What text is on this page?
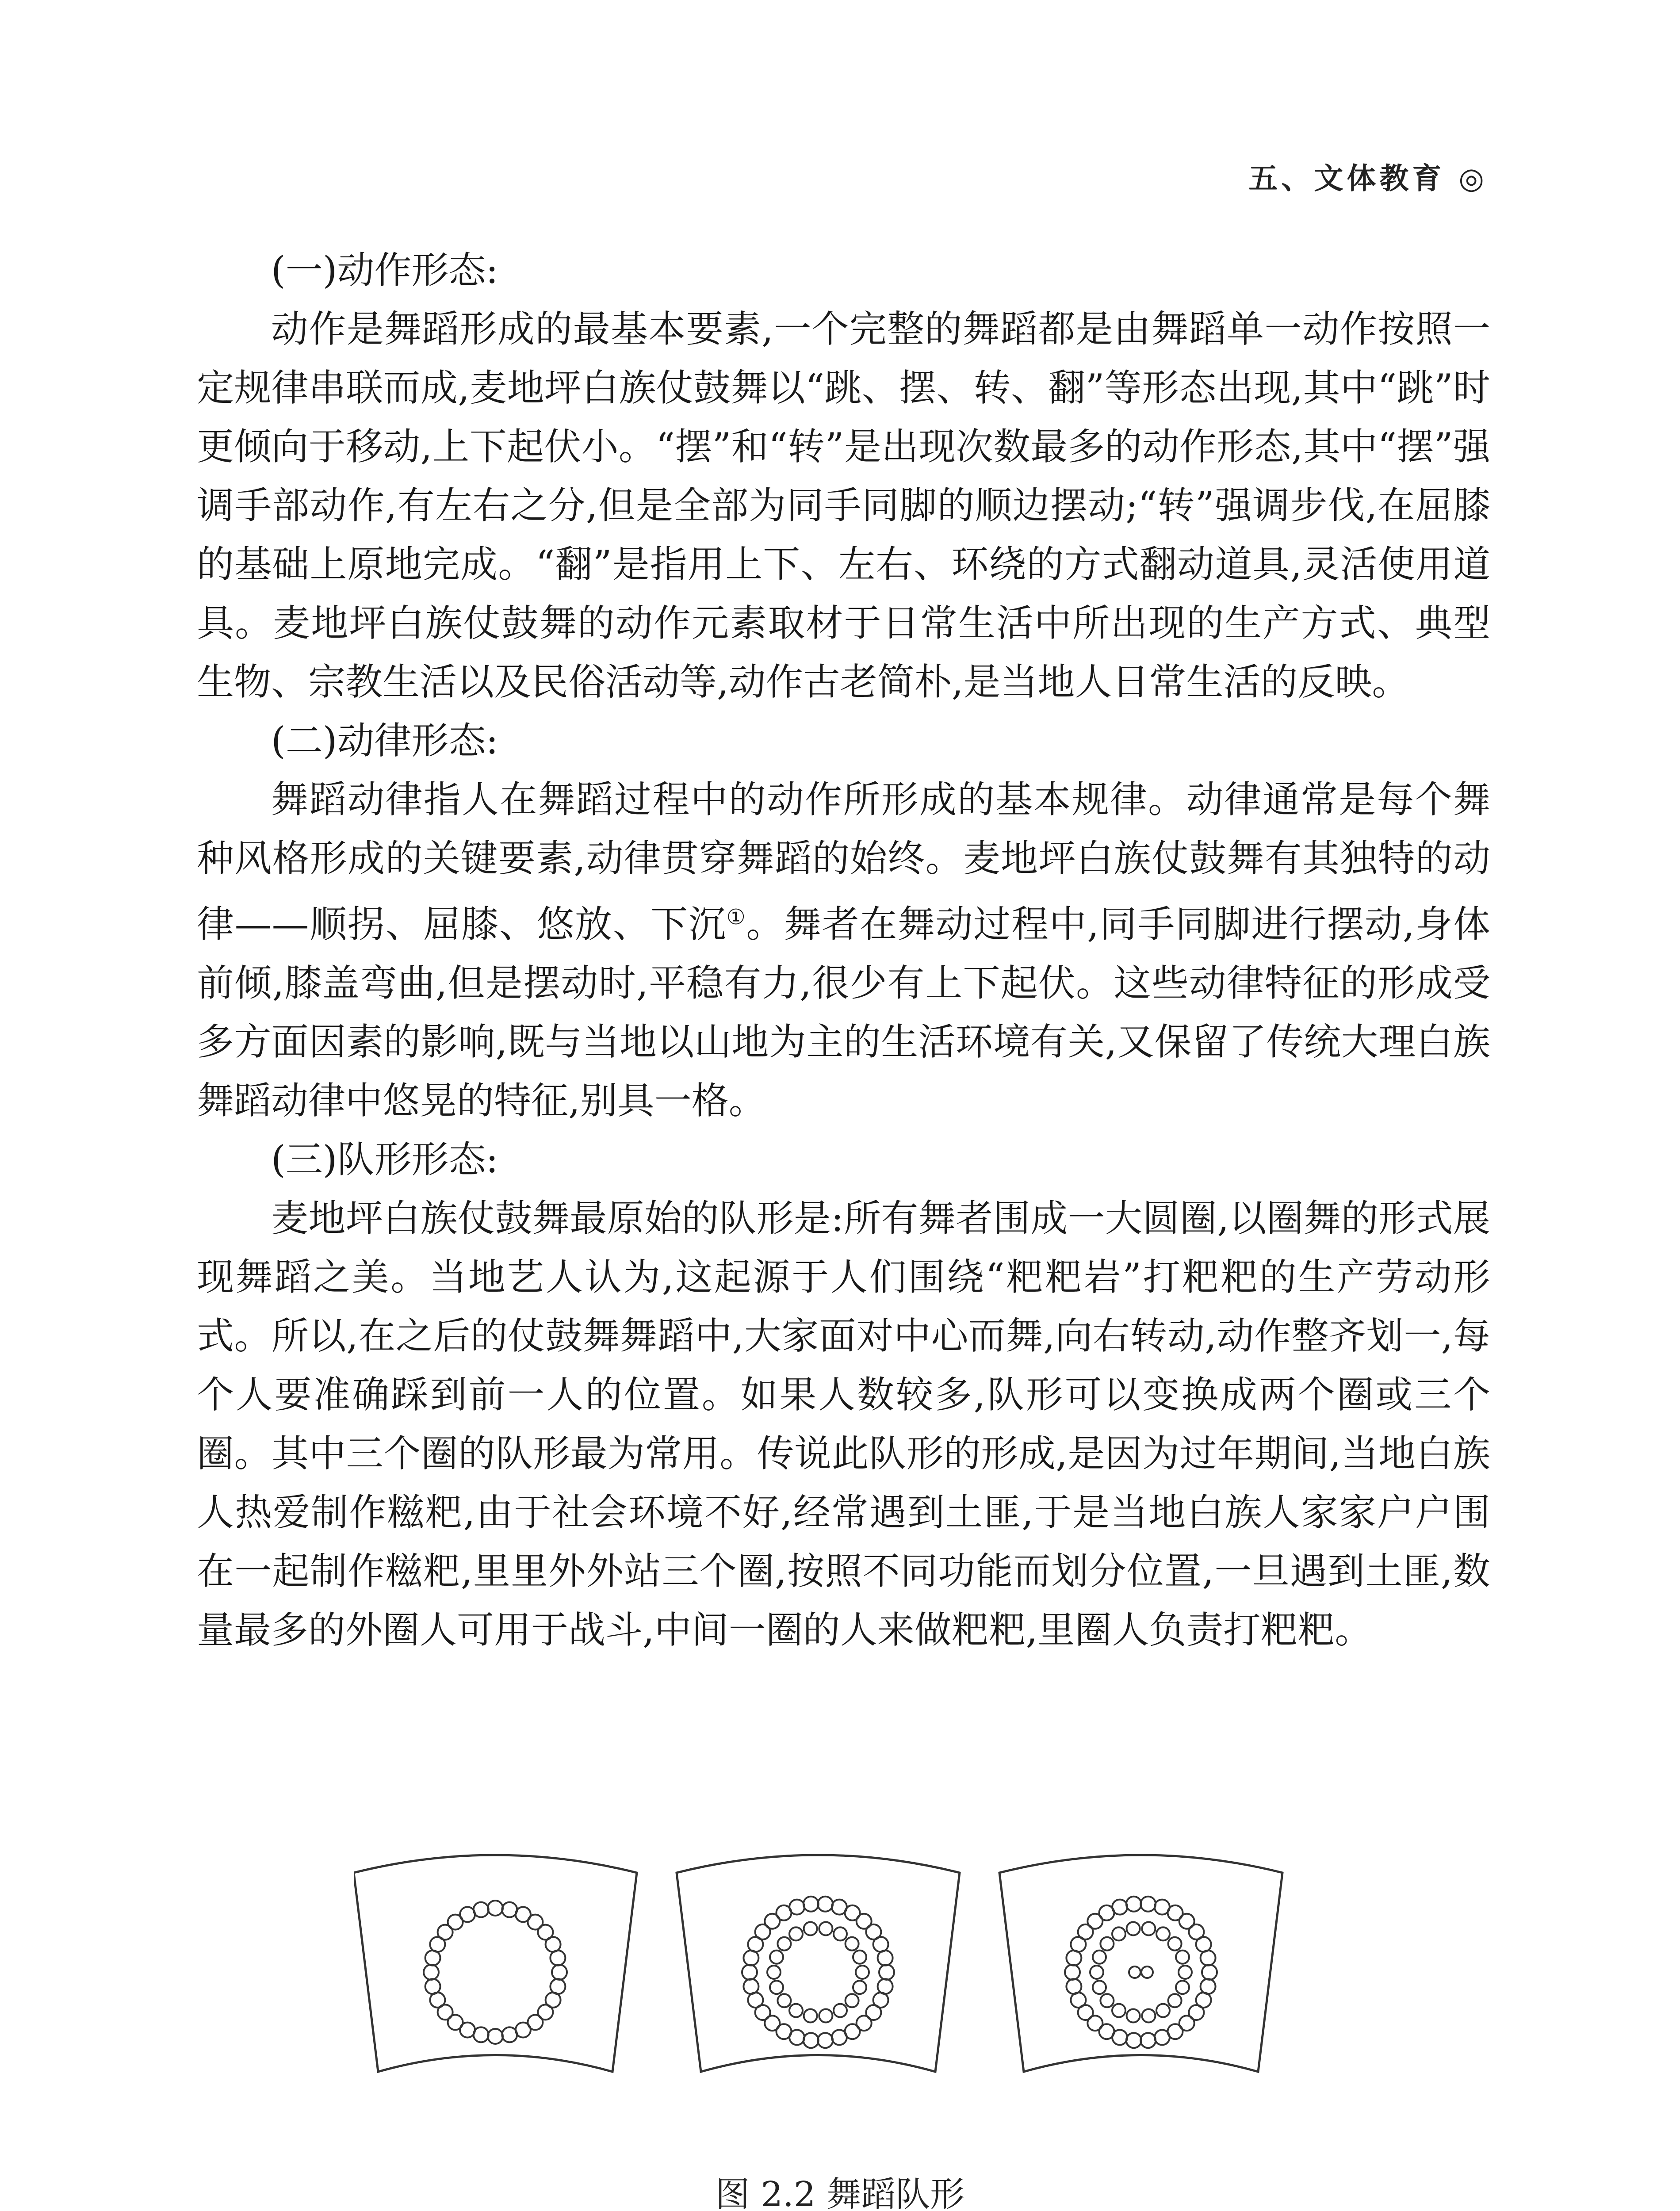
五、文体教育 ◎

(一)动作形态:

动作是舞蹈形成的最基本要素,一个完整的舞蹈都是由舞蹈单一动作按照一定规律串联而成,麦地坪白族仗鼓舞以“跳、摆、转、翻”等形态出现,其中“跳”时更倾向于移动,上下起伏小。“摆”和“转”是出现次数最多的动作形态,其中“摆”强调手部动作,有左右之分,但是全部为同手同脚的顺边摆动;“转”强调步伐,在屈膝的基础上原地完成。“翻”是指用上下、左右、环绕的方式翻动道具,灵活使用道具。麦地坪白族仗鼓舞的动作元素取材于日常生活中所出现的生产方式、典型生物、宗教生活以及民俗活动等,动作古老简朴,是当地人日常生活的反映。

(二)动律形态:

舞蹈动律指人在舞蹈过程中的动作所形成的基本规律。动律通常是每个舞种风格形成的关键要素,动律贯穿舞蹈的始终。麦地坪白族仗鼓舞有其独特的动律——顺拐、屈膝、悠放、下沉①。舞者在舞动过程中,同手同脚进行摆动,身体前倾,膝盖弯曲,但是摆动时,平稳有力,很少有上下起伏。这些动律特征的形成受多方面因素的影响,既与当地以山地为主的生活环境有关,又保留了传统大理白族舞蹈动律中悠晃的特征,别具一格。

(三)队形形态:

麦地坪白族仗鼓舞最原始的队形是:所有舞者围成一大圆圈,以圈舞的形式展现舞蹈之美。当地艺人认为,这起源于人们围绕“粑粑岩”打粑粑的生产劳动形式。所以,在之后的仗鼓舞舞蹈中,大家面对中心而舞,向右转动,动作整齐划一,每个人要准确踩到前一人的位置。如果人数较多,队形可以变换成两个圈或三个圈。其中三个圈的队形最为常用。传说此队形的形成,是因为过年期间,当地白族人热爱制作糍粑,由于社会环境不好,经常遇到土匪,于是当地白族人家家户户围在一起制作糍粑,里里外外站三个圈,按照不同功能而划分位置,一旦遇到土匪,数量最多的外圈人可用于战斗,中间一圈的人来做粑粑,里圈人负责打粑粑。

图 2.2 舞蹈队形
